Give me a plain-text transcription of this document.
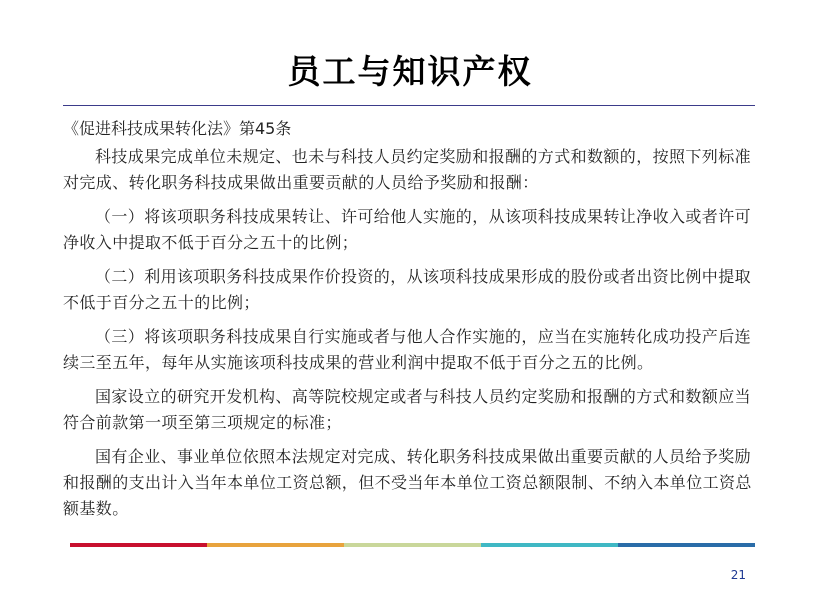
员工与知识产权
《促进科技成果转化法》第45条

科技成果完成单位未规定、也未与科技人员约定奖励和报酬的方式和数额的，按照下列标准对完成、转化职务科技成果做出重要贡献的人员给予奖励和报酬：

（一）将该项职务科技成果转让、许可给他人实施的，从该项科技成果转让净收入或者许可净收入中提取不低于百分之五十的比例；

（二）利用该项职务科技成果作价投资的，从该项科技成果形成的股份或者出资比例中提取不低于百分之五十的比例；

（三）将该项职务科技成果自行实施或者与他人合作实施的，应当在实施转化成功投产后连续三至五年，每年从实施该项科技成果的营业利润中提取不低于百分之五的比例。

国家设立的研究开发机构、高等院校规定或者与科技人员约定奖励和报酬的方式和数额应当符合前款第一项至第三项规定的标准；

国有企业、事业单位依照本法规定对完成、转化职务科技成果做出重要贡献的人员给予奖励和报酬的支出计入当年本单位工资总额，但不受当年本单位工资总额限制、不纳入本单位工资总额基数。

21
